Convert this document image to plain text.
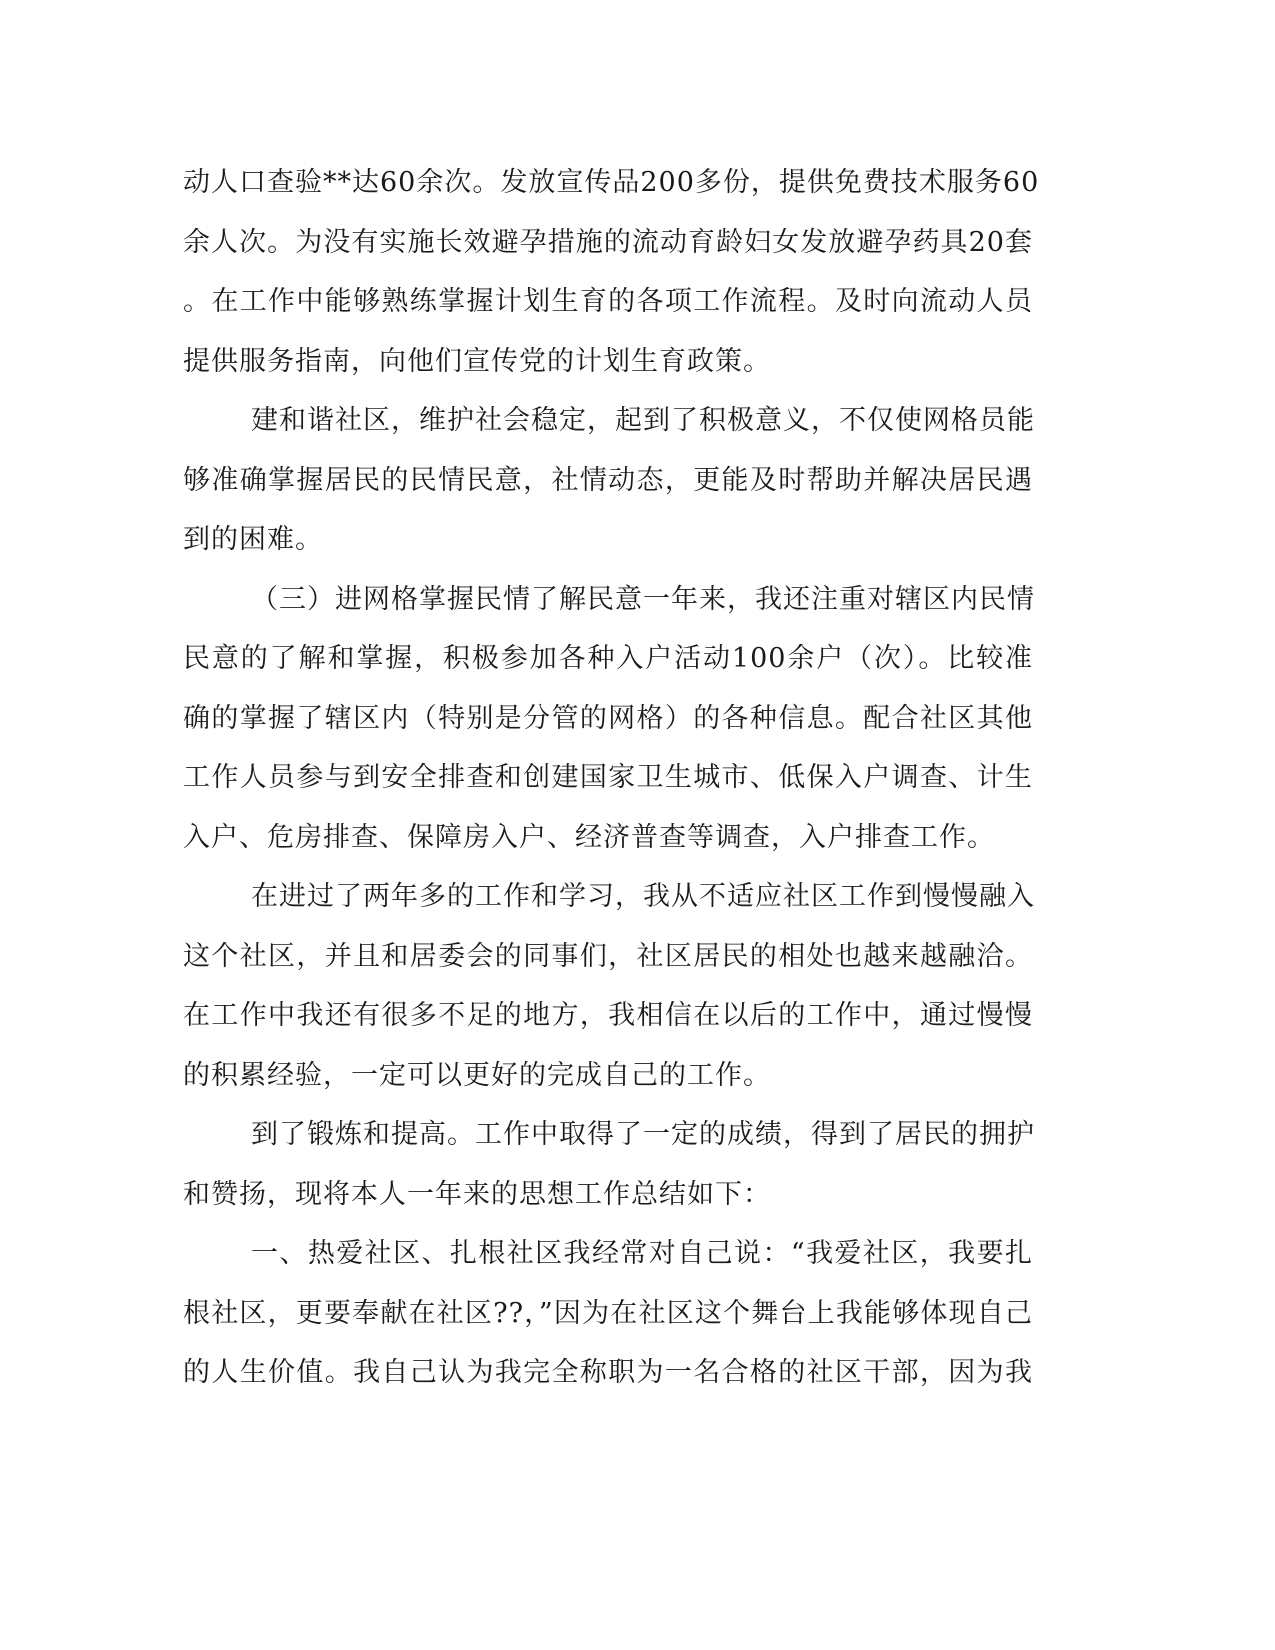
动人口查验**达60余次。发放宣传品200多份，提供免费技术服务60
余人次。为没有实施长效避孕措施的流动育龄妇女发放避孕药具20套
。在工作中能够熟练掌握计划生育的各项工作流程。及时向流动人员
提供服务指南，向他们宣传党的计划生育政策。
建和谐社区，维护社会稳定，起到了积极意义，不仅使网格员能
够准确掌握居民的民情民意，社情动态，更能及时帮助并解决居民遇
到的困难。
（三）进网格掌握民情了解民意一年来，我还注重对辖区内民情
民意的了解和掌握，积极参加各种入户活动100余户（次）。比较准
确的掌握了辖区内（特别是分管的网格）的各种信息。配合社区其他
工作人员参与到安全排查和创建国家卫生城市、低保入户调查、计生
入户、危房排查、保障房入户、经济普查等调查，入户排查工作。
在进过了两年多的工作和学习，我从不适应社区工作到慢慢融入
这个社区，并且和居委会的同事们，社区居民的相处也越来越融洽。
在工作中我还有很多不足的地方，我相信在以后的工作中，通过慢慢
的积累经验，一定可以更好的完成自己的工作。
到了锻炼和提高。工作中取得了一定的成绩，得到了居民的拥护
和赞扬，现将本人一年来的思想工作总结如下：
一、热爱社区、扎根社区我经常对自己说：“我爱社区，我要扎
根社区，更要奉献在社区??，”因为在社区这个舞台上我能够体现自己
的人生价值。我自己认为我完全称职为一名合格的社区干部，因为我
